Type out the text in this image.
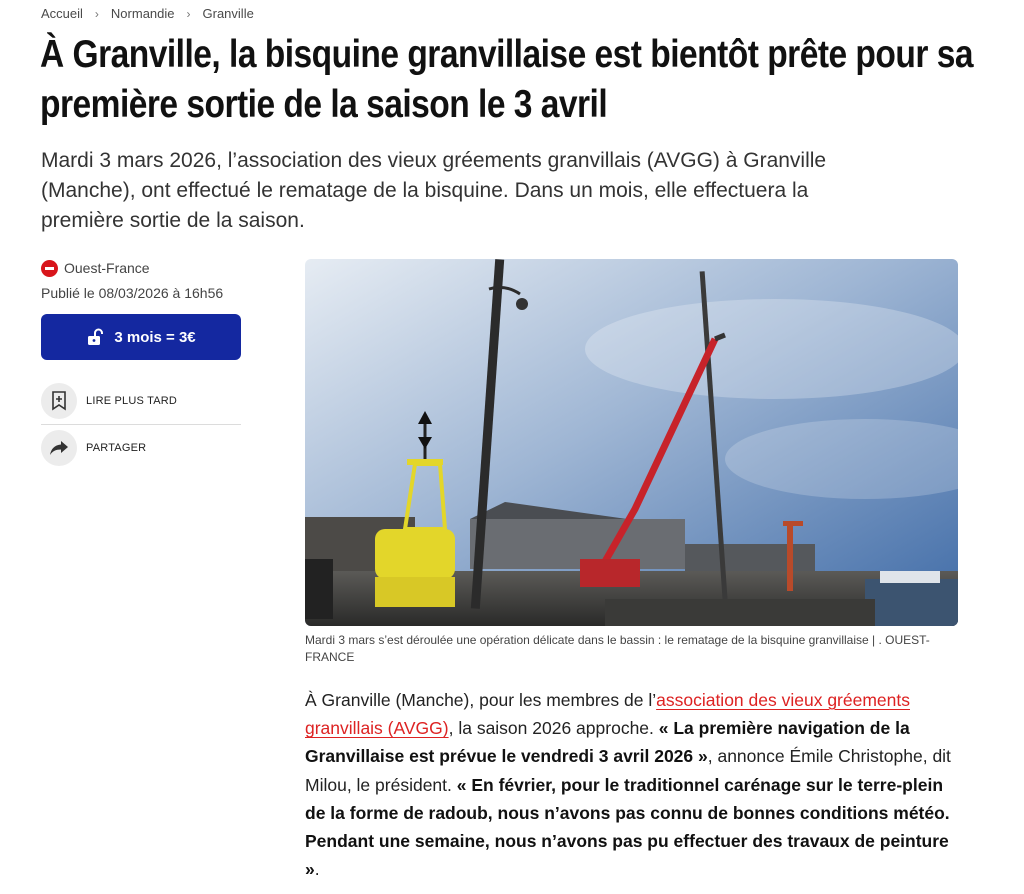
Accueil › Normandie › Granville
À Granville, la bisquine granvillaise est bientôt prête pour sa première sortie de la saison le 3 avril

Mardi 3 mars 2026, l’association des vieux gréements granvillais (AVGG) à Granville (Manche), ont effectué le rematage de la bisquine. Dans un mois, elle effectuera la première sortie de la saison.

Ouest-France
Publié le 08/03/2026 à 16h56
3 mois = 3€
LIRE PLUS TARD
PARTAGER

Mardi 3 mars s’est déroulée une opération délicate dans le bassin : le rematage de la bisquine granvillaise | . OUEST-FRANCE

À Granville (Manche), pour les membres de l’association des vieux gréements granvillais (AVGG), la saison 2026 approche. « La première navigation de la Granvillaise est prévue le vendredi 3 avril 2026 », annonce Émile Christophe, dit Milou, le président. « En février, pour le traditionnel carénage sur le terre-plein de la forme de radoub, nous n’avons pas connu de bonnes conditions météo. Pendant une semaine, nous n’avons pas pu effectuer des travaux de peinture ».
